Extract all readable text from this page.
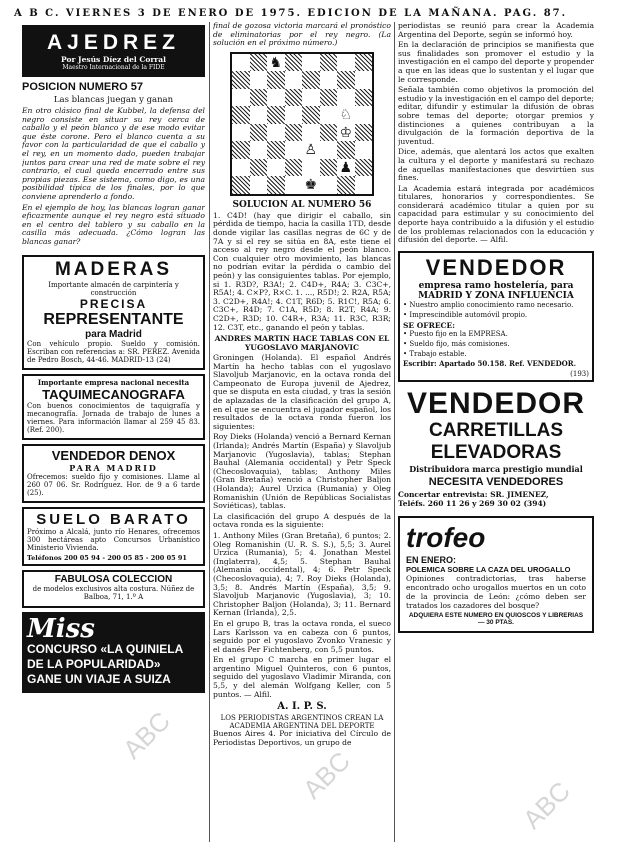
A B C. VIERNES 3 DE ENERO DE 1975. EDICION DE LA MAÑANA. PAG. 87.
AJEDREZ
Por Jesús Díez del Corral
Maestro Internacional de la FIDE
POSICION NUMERO 57
Las blancas juegan y ganan

En otro clásico final de Kubbel, la defensa del negro consiste en situar su rey cerca de caballo y el peón blanco y de ese modo evitar que éste corone. Pero el blanco cuenta a su favor con la particularidad de que el caballo y el rey, en un momento dado, pueden trabajar juntos para crear una red de mate sobre el rey contrario, el cual queda encerrado entre sus propias piezas. Ese sistema, como digo, es una posibilidad típica de los finales, por lo que conviene aprenderlo a fondo.

En el ejemplo de hoy, las blancas logran ganar eficazmente aunque el rey negro está situado en el centro del tablero y su caballo en la casilla más adecuada. ¿Cómo logran las blancas ganar?

MADERAS
Importante almacén de carpintería y construcción
PRECISA
REPRESENTANTE
para Madrid

Con vehículo propio. Sueldo y comisión. Escriban con referencias a: SR. PEREZ. Avenida de Pedro Bosch, 44-46. MADRID-13 (24)

Importante empresa nacional necesita
TAQUIMECANOGRAFA

Con buenos conocimientos de taquigrafía y mecanografía. Jornada de trabajo de lunes a viernes. Para información llamar al 259 45 83. (Ref. 200).

VENDEDOR DENOX
PARA MADRID

Ofrecemos: sueldo fijo y comisiones. Llame al 260 07 06. Sr. Rodríguez. Hor. de 9 a 6 tarde (25).

SUELO BARATO

Próximo a Alcalá, junto río Henares, ofrecemos 300 hectáreas apto Concursos Urbanístico Ministerio Vivienda.

Teléfonos 200 05 94 - 200 05 85 - 200 05 91
FABULOSA COLECCION

de modelos exclusivos alta costura. Núñez de Balboa, 71, 1.º A

Miss
CONCURSO «LA QUINIELA
DE LA POPULARIDAD»
GANE UN VIAJE A SUIZA

final de gozosa victoria marcará el pronóstico de eliminatorias por el rey negro. (La solución en el próximo número.)

♞
♘
♔
♙
♟
♚
SOLUCION AL NUMERO 56

1. C4D! (hay que dirigir el caballo, sin pérdida de tiempo, hacia la casilla 1TD, desde donde vigilar las casillas negras de 6C y de 7A y si el rey se sitúa en 8A, este tiene el acceso al rey negro desde el peón blanco. Con cualquier otro movimiento, las blancas no podrían evitar la pérdida o cambio del peón) y las consiguientes tablas. Por ejemplo, si 1. R3D?, R3A!; 2. C4D+, R4A; 3. C3C+, R5A!; 4. C×P?, R×C. 1. ..., R5D!; 2. R2A, R5A; 3. C2D+, R4A!; 4. C1T, R6D; 5. R1C!, R5A; 6. C3C+, R4D; 7. C1A, R5D; 8. R2T, R4A; 9. C2D+, R3D; 10. C4R+, R3A; 11. R3C, R3R; 12. C3T, etc., ganando el peón y tablas.

ANDRES MARTIN HACE TABLAS CON EL YUGOSLAVO MARJANOVIC

Groningen (Holanda). El español Andrés Martín ha hecho tablas con el yugoslavo Slavoljub Marjanovic, en la octava ronda del Campeonato de Europa juvenil de Ajedrez, que se disputa en esta ciudad, y tras la sesión de aplazadas de la clasificación del grupo A, en el que se encuentra el jugador español, los resultados de la octava ronda fueron los siguientes:

Roy Dieks (Holanda) venció a Bernard Kernan (Irlanda); Andrés Martín (España) y Slavoljub Marjanovic (Yugoslavia), tablas; Stephan Bauhal (Alemania occidental) y Petr Speck (Checoslovaquia), tablas; Anthony Miles (Gran Bretaña) venció a Christopher Baljon (Holanda); Aurel Urzica (Rumania) y Oleg Romanishin (Unión de Repúblicas Socialistas Soviéticas), tablas.

La clasificación del grupo A después de la octava ronda es la siguiente:

1. Anthony Miles (Gran Bretaña), 6 puntos; 2. Oleg Romanishin (U. R. S. S.), 5,5; 3. Aurel Urzica (Rumania), 5; 4. Jonathan Mestel (Inglaterra), 4,5; 5. Stephan Bauhal (Alemania occidental), 4; 6. Petr Speck (Checoslovaquia), 4; 7. Roy Dieks (Holanda), 3,5; 8. Andrés Martín (España), 3,5; 9. Slavoljub Marjanovic (Yugoslavia), 3; 10. Christopher Baljon (Holanda), 3; 11. Bernard Kernan (Irlanda), 2,5.

En el grupo B, tras la octava ronda, el sueco Lars Karlsson va en cabeza con 6 puntos, seguido por el yugoslavo Zvonko Vranesic y el danés Per Fichtenberg, con 5,5 puntos.

En el grupo C marcha en primer lugar el argentino Miguel Quinteros, con 6 puntos, seguido del yugoslavo Vladimir Miranda, con 5,5, y del alemán Wolfgang Keller, con 5 puntos. — Alfil.

A. I. P. S.
LOS PERIODISTAS ARGENTINOS CREAN LA ACADEMIA ARGENTINA DEL DEPORTE

Buenos Aires 4. Por iniciativa del Círculo de Periodistas Deportivos, un grupo de

periodistas se reunió para crear la Academia Argentina del Deporte, según se informó hoy.

En la declaración de principios se manifiesta que sus finalidades son promover el estudio y la investigación en el campo del deporte y propender a que en las ideas que lo sustentan y el lugar que le corresponde.

Señala también como objetivos la promoción del estudio y la investigación en el campo del deporte; editar, difundir y estimular la difusión de obras sobre temas del deporte; otorgar premios y distinciones a quienes contribuyan a la divulgación de la formación deportiva de la juventud.

Dice, además, que alentará los actos que exalten la cultura y el deporte y manifestará su rechazo de aquellas manifestaciones que desvirtúen sus fines.

La Academia estará integrada por académicos titulares, honorarios y correspondientes. Se considerará académico titular a quien por su capacidad para estimular y su conocimiento del deporte haya contribuido a la difusión y el estudio de los problemas relacionados con la educación y difusión del deporte. — Alfil.

VENDEDOR
empresa ramo hostelería, para MADRID Y ZONA INFLUENCIA

• Nuestro amplio conocimiento ramo necesario.

• Imprescindible automóvil propio.

SE OFRECE:

• Puesto fijo en la EMPRESA.

• Sueldo fijo, más comisiones.

• Trabajo estable.

Escribir: Apartado 50.158. Ref. VENDEDOR.

(193)
VENDEDOR
CARRETILLAS
ELEVADORAS
Distribuidora marca prestigio mundial
NECESITA VENDEDORES
Concertar entrevista: SR. JIMENEZ,
Teléfs. 260 11 26 y 269 30 02 (394)
trofeo
EN ENERO:
POLEMICA SOBRE LA CAZA DEL UROGALLO

Opiniones contradictorias, tras haberse encontrado ocho urogallos muertos en un coto de la provincia de León: ¿cómo deben ser tratados los cazadores del bosque?

ADQUIERA ESTE NUMERO EN QUIOSCOS Y LIBRERIAS — 30 PTAS.
ABC
ABC
ABC
